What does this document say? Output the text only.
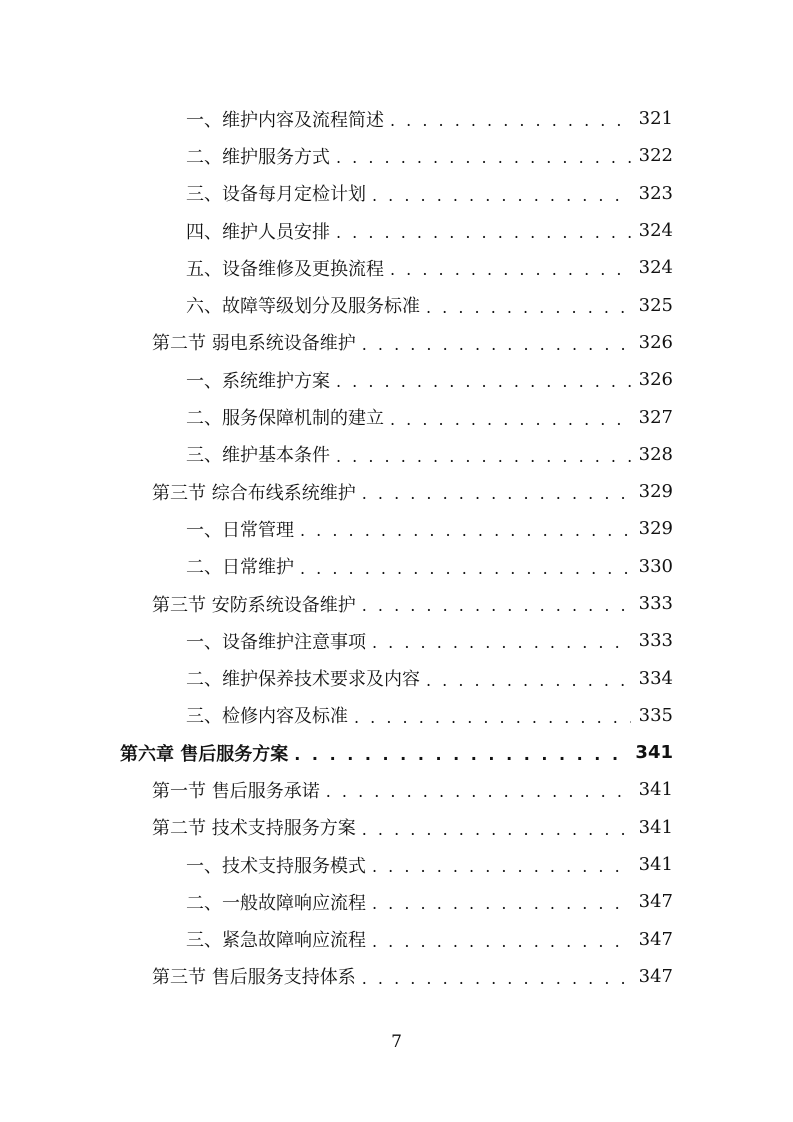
一、维护内容及流程简述 . . .	321
二、维护服务方式 . . .	322
三、设备每月定检计划 . . .	323
四、维护人员安排 . . .	324
五、设备维修及更换流程 . . .	324
六、故障等级划分及服务标准 . . .	325
第二节 弱电系统设备维护 . . .	326
一、系统维护方案 . . .	326
二、服务保障机制的建立 . . .	327
三、维护基本条件 . . .	328
第三节 综合布线系统维护 . . .	329
一、日常管理 . . .	329
二、日常维护 . . .	330
第三节 安防系统设备维护 . . .	333
一、设备维护注意事项 . . .	333
二、维护保养技术要求及内容 . . .	334
三、检修内容及标准 . . .	335
第六章 售后服务方案 . . .	341
第一节 售后服务承诺 . . .	341
第二节 技术支持服务方案 . . .	341
一、技术支持服务模式 . . .	341
二、一般故障响应流程 . . .	347
三、紧急故障响应流程 . . .	347
第三节 售后服务支持体系 . . .	347
7
